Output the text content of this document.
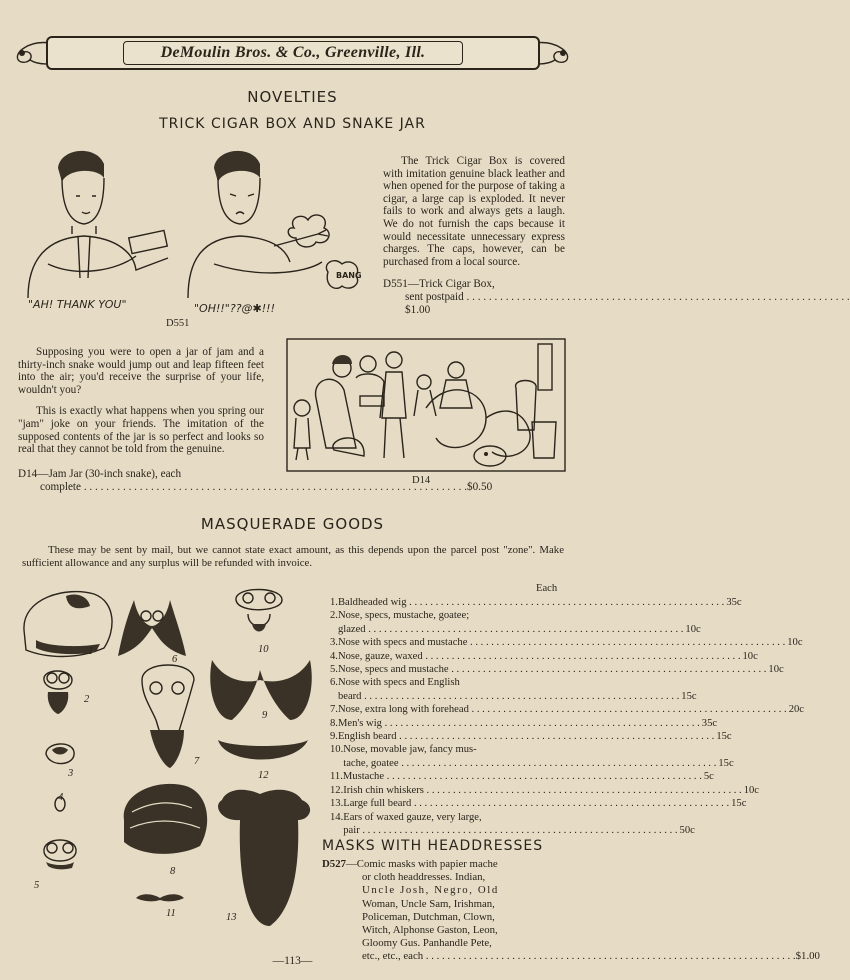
DeMoulin Bros. & Co., Greenville, Ill.
NOVELTIES
TRICK CIGAR BOX AND SNAKE JAR
BANG
"AH! THANK YOU"	"OH!!"??@✱!!!
D551

The Trick Cigar Box is covered with imitation genuine black leather and when opened for the purpose of taking a cigar, a large cap is exploded. It never fails to work and always gets a laugh. We do not furnish the caps because it would necessitate unnecessary express charges. The caps, however, can be purchased from a local source.

D551—Trick Cigar Box,
sent postpaid . . . $1.00

Supposing you were to open a jar of jam and a thirty-inch snake would jump out and leap fifteen feet into the air; you'd receive the surprise of your life, wouldn't you?

This is exactly what happens when you spring our "jam" joke on your friends. The imitation of the supposed contents of the jar is so perfect and looks so real that they cannot be told from the genuine.

D14—Jam Jar (30-inch snake), each
complete . . .	$0.50
D14
MASQUERADE GOODS
These may be sent by mail, but we cannot state exact amount, as this depends upon the parcel post "zone". Make sufficient allowance and any surplus will be refunded with invoice.
1
2
3
4
5
6
7
8
9
10
11
12
13
Each
1. Baldheaded wig . . .	35c
2. Nose, specs, mustache, goatee;
glazed . . .	10c
3. Nose with specs and mustache . . .	10c
4. Nose, gauze, waxed . . .	10c
5. Nose, specs and mustache . . .	10c
6. Nose with specs and English
beard . . .	15c
7. Nose, extra long with forehead . . .	20c
8. Men's wig . . .	35c
9. English beard . . .	15c
10. Nose, movable jaw, fancy mus-
tache, goatee . . .	15c
11. Mustache . . .	5c
12. Irish chin whiskers . . .	10c
13. Large full beard . . .	15c
14. Ears of waxed gauze, very large,
pair . . .	50c
MASKS WITH HEADDRESSES
D527 —Comic masks with papier mache
or cloth headdresses. Indian,
Uncle Josh, Negro, Old
Woman, Uncle Sam, Irishman,
Policeman, Dutchman, Clown,
Witch, Alphonse Gaston, Leon,
Gloomy Gus. Panhandle Pete,
etc., etc., each . . .	$1.00
—113—
